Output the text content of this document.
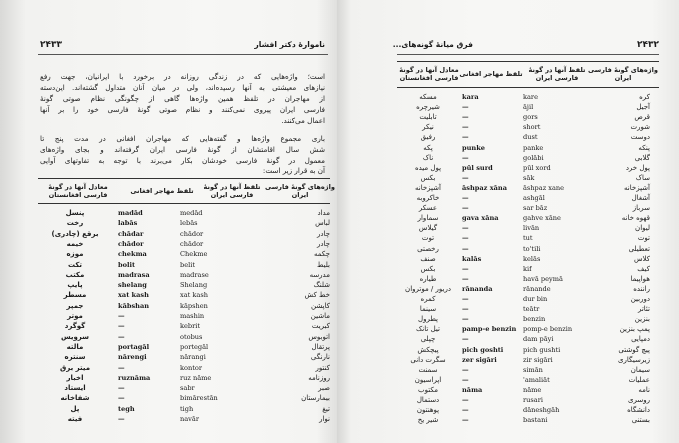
۲۴۳۳	ناموارۀ دکتر افشار
است؛ واژه‌هایی که در زندگی روزانه در برخورد با ایرانیان، جهت رفع
نیازهای معیشتی به آنها رسیده‌اند، ولی در میان آنان متداول گشته‌اند. این‌دسته
از مهاجران در تلفظ همین واژه‌ها گاهی از چگونگی نظام صوتی گونۀ
فارسی ایران پیروی نمی‌کنند و نظام صوتی گونۀ فارسی خود را بر آنها
اعمال می‌کنند.
باری مجموع واژه‌ها و گفته‌هایی که مهاجران افغانی در مدت پنج تا
شش سال اقامتشان از گونۀ فارسی ایران گرفته‌اند و بجای واژه‌های
معمول در گونۀ فارسی خودشان بکار می‌برند با توجه به تفاوتهای آوایی
آن به قرار زیر است:
واژه‌های گونۀ فارسی ایران
تلفظ آنها در گونۀ فارسی ایران
تلفظ مهاجر افغانی
معادل آنها در گونۀ فارسی افغانستان
مداد
medād
madād
پنسل
لباس
lebās
labās
رخت
چادر
chādor
chādar
برقع (چادری)
چادر
chādor
chādor
خیمه
چکمه
Chekme
chekma
موزه
بلیط
belit
bolit
تکت
مدرسه
madrase
madrasa
مکتب
شلنگ
Shelang
shelang
پایپ
خط کش
xat kash
xat kash
مسطر
کاپشن
kāpshen
kābshan
جمپر
ماشین
mashin
—
موتر
کبریت
kebrit
—
گوگرد
اتوبوس
otobus
—
سرویس
پرتقال
portegāl
portagāl
مالته
نارنگی
nārangi
nārengi
سنتره
کنتور
kontor
—
میتر برق
روزنامه
ruz nāme
ruznāma
اخبار
صبر
sabr
—
ایستاد
بیمارستان
bimārestān
—
شفاخانه
تیغ
tigh
tegh
پل
نوار
navār
—
فیته
۲۴۳۲
فرق میانۀ گونه‌های...
واژه‌های گونۀ فارسی ایران
تلفظ آنها در گونۀ فارسی ایران
تلفظ مهاجر افغانی
معادل آنها در گونۀ فارسی افغانستان
کره
kare
kara
مسکه
آجیل
ājil
—
شیرچره
قرص
gors
—
تابلیت
شورت
short
—
نیکر
دوست
dust
—
رفیق
پنکه
panke
punke
پکه
گلابی
golābi
—
ناک
پول خرد
pūl xord
pūl surd
پول میده
ساک
sāk
—
بکس
آشپزخانه
āshpaz xane
āshpaz xāna
آشپزخانه
آشغال
ashgāl
—
خاکروبه
سرباز
sar bāz
—
عسکر
قهوه خانه
gahve xāne
gava xāna
سماوار
لیوان
livān
—
گیلاس
توت
tut
—
توت
تعطیلی
to'tili
—
رخصتی
کلاس
kelās
kalās
صنف
کیف
kif
—
بکس
هواپیما
havā peymā
—
طیاره
راننده
rānande
rānanda
دریور / موتروان
دوربین
dur bin
—
کمره
تئاتر
teātr
—
سینما
بنزین
benzin
—
پطرول
پمپ بنزین
pomp-e benzin
pamp-e benzin
تیل تانک
دمپایی
dam pāyi
—
چپلی
پیچ گوشتی
pich gushti
pich goshti
پیچکش
زیرسیگاری
zir sigāri
zer sigāri
سگرت دانی
سیمان
simān
—
سمنت
عملیات
'amaliāt
—
اپراسیون
نامه
nāme
nāma
مکتوب
روسری
rusari
—
دستمال
دانشگاه
dāneshgāh
—
پوهنتون
بستنی
bastani
—
شیر یخ
